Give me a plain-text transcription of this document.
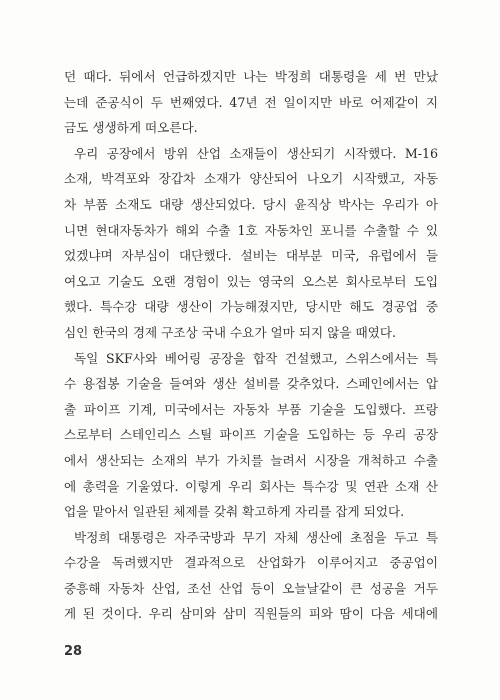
던 때다. 뒤에서 언급하겠지만 나는 박정희 대통령을 세 번 만났
는데 준공식이 두 번째였다. 47년 전 일이지만 바로 어제같이 지
금도 생생하게 떠오른다.
우리 공장에서 방위 산업 소재들이 생산되기 시작했다. M-16
소재, 박격포와 장갑차 소재가 양산되어 나오기 시작했고, 자동
차 부품 소재도 대량 생산되었다. 당시 윤직상 박사는 우리가 아
니면 현대자동차가 해외 수출 1호 자동차인 포니를 수출할 수 있
었겠냐며 자부심이 대단했다. 설비는 대부분 미국, 유럽에서 들
여오고 기술도 오랜 경험이 있는 영국의 오스본 회사로부터 도입
했다. 특수강 대량 생산이 가능해졌지만, 당시만 해도 경공업 중
심인 한국의 경제 구조상 국내 수요가 얼마 되지 않을 때였다.
독일 SKF사와 베어링 공장을 합작 건설했고, 스위스에서는 특
수 용접봉 기술을 들여와 생산 설비를 갖추었다. 스페인에서는 압
출 파이프 기계, 미국에서는 자동차 부품 기술을 도입했다. 프랑
스로부터 스테인리스 스틸 파이프 기술을 도입하는 등 우리 공장
에서 생산되는 소재의 부가 가치를 늘려서 시장을 개척하고 수출
에 총력을 기울였다. 이렇게 우리 회사는 특수강 및 연관 소재 산
업을 맡아서 일관된 체제를 갖춰 확고하게 자리를 잡게 되었다.
박정희 대통령은 자주국방과 무기 자체 생산에 초점을 두고 특
수강을 독려했지만 결과적으로 산업화가 이루어지고 중공업이
중흥해 자동차 산업, 조선 산업 등이 오늘날같이 큰 성공을 거두
게 된 것이다. 우리 삼미와 삼미 직원들의 피와 땀이 다음 세대에
28
